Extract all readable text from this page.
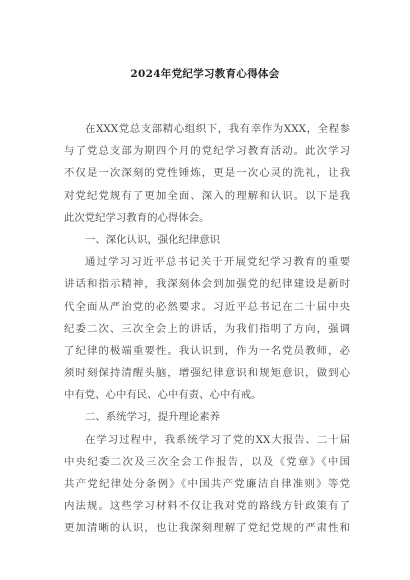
2024年党纪学习教育心得体会
在XXX党总支部精心组织下，我有幸作为XXX，全程参
与了党总支部为期四个月的党纪学习教育活动。此次学习
不仅是一次深刻的党性锤炼，更是一次心灵的洗礼，让我
对党纪党规有了更加全面、深入的理解和认识。以下是我
此次党纪学习教育的心得体会。
一、深化认识，强化纪律意识
通过学习习近平总书记关于开展党纪学习教育的重要
讲话和指示精神，我深刻体会到加强党的纪律建设是新时
代全面从严治党的必然要求。习近平总书记在二十届中央
纪委二次、三次全会上的讲话，为我们指明了方向，强调
了纪律的极端重要性。我认识到，作为一名党员教师，必
须时刻保持清醒头脑，增强纪律意识和规矩意识，做到心
中有党、心中有民、心中有责、心中有戒。
二、系统学习，提升理论素养
在学习过程中，我系统学习了党的XX大报告、二十届
中央纪委二次及三次全会工作报告，以及《党章》《中国
共产党纪律处分条例》《中国共产党廉洁自律准则》等党
内法规。这些学习材料不仅让我对党的路线方针政策有了
更加清晰的认识，也让我深刻理解了党纪党规的严肃性和
